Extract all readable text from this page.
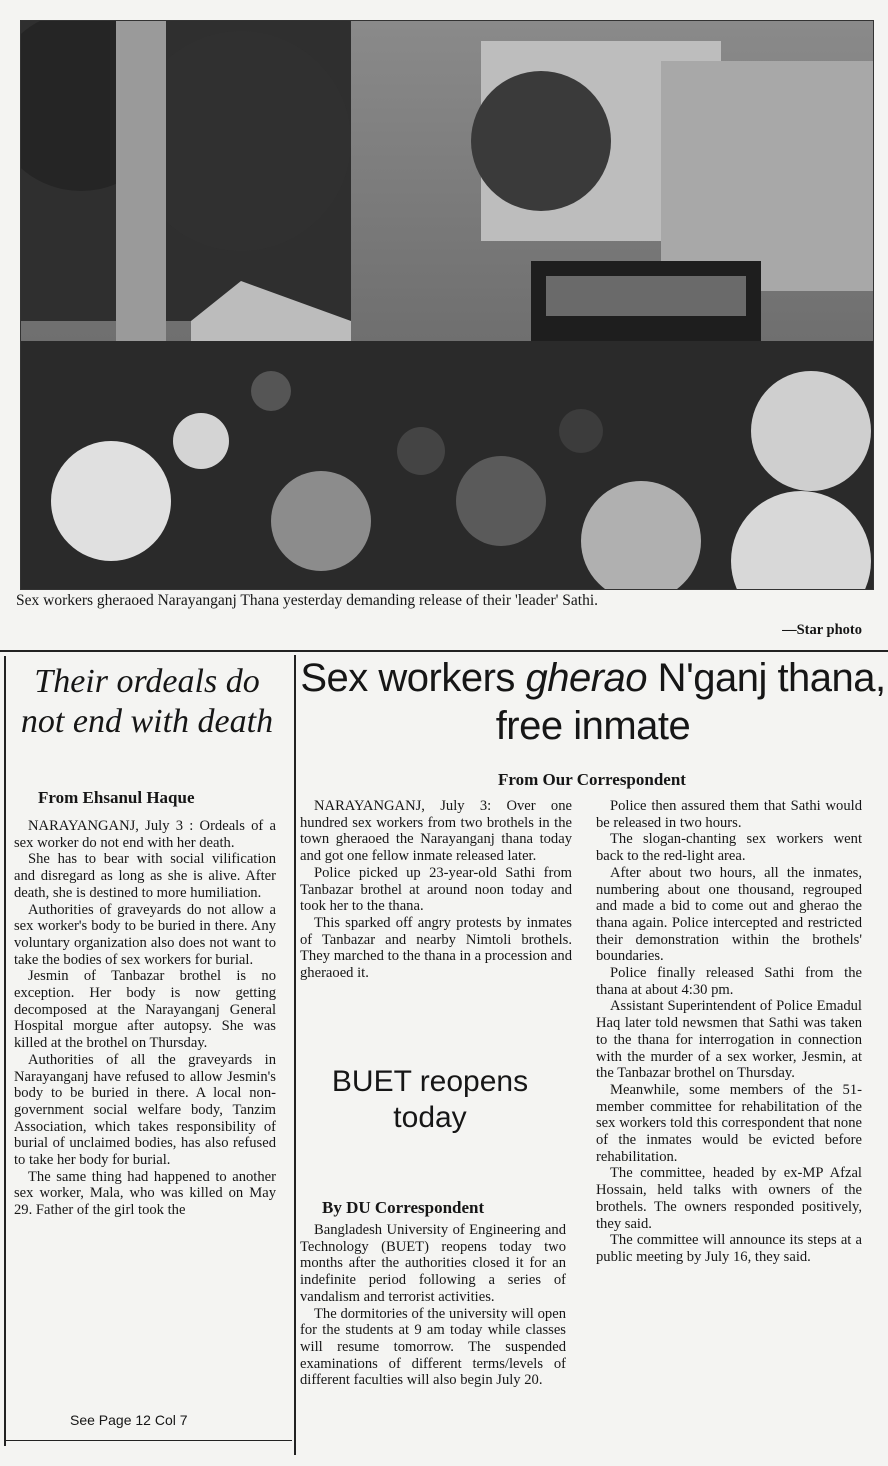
Sex workers gheraoed Narayanganj Thana yesterday demanding release of their 'leader' Sathi.
—Star photo
Their ordeals do not end with death
From Ehsanul Haque

NARAYANGANJ, July 3 : Ordeals of a sex worker do not end with her death.

She has to bear with social vilification and disregard as long as she is alive. After death, she is destined to more humiliation.

Authorities of graveyards do not allow a sex worker's body to be buried in there. Any voluntary organization also does not want to take the bodies of sex workers for burial.

Jesmin of Tanbazar brothel is no exception. Her body is now getting decomposed at the Narayanganj General Hospital morgue after autopsy. She was killed at the brothel on Thursday.

Authorities of all the graveyards in Narayanganj have refused to allow Jesmin's body to be buried in there. A local non-government social welfare body, Tanzim Association, which takes responsibility of burial of unclaimed bodies, has also refused to take her body for burial.

The same thing had happened to another sex worker, Mala, who was killed on May 29. Father of the girl took the

See Page 12 Col 7
Sex workers gherao N'ganj thana, free inmate
From Our Correspondent

NARAYANGANJ, July 3: Over one hundred sex workers from two brothels in the town gheraoed the Narayanganj thana today and got one fellow inmate released later.

Police picked up 23-year-old Sathi from Tanbazar brothel at around noon today and took her to the thana.

This sparked off angry protests by inmates of Tanbazar and nearby Nimtoli brothels. They marched to the thana in a procession and gheraoed it.

Police then assured them that Sathi would be released in two hours.

The slogan-chanting sex workers went back to the red-light area.

After about two hours, all the inmates, numbering about one thousand, regrouped and made a bid to come out and gherao the thana again. Police intercepted and restricted their demonstration within the brothels' boundaries.

Police finally released Sathi from the thana at about 4:30 pm.

Assistant Superintendent of Police Emadul Haq later told newsmen that Sathi was taken to the thana for interrogation in connection with the murder of a sex worker, Jesmin, at the Tanbazar brothel on Thursday.

Meanwhile, some members of the 51-member committee for rehabilitation of the sex workers told this correspondent that none of the inmates would be evicted before rehabilitation.

The committee, headed by ex-MP Afzal Hossain, held talks with owners of the brothels. The owners responded positively, they said.

The committee will announce its steps at a public meeting by July 16, they said.

BUET reopens today
By DU Correspondent

Bangladesh University of Engineering and Technology (BUET) reopens today two months after the authorities closed it for an indefinite period following a series of vandalism and terrorist activities.

The dormitories of the university will open for the students at 9 am today while classes will resume tomorrow. The suspended examinations of different terms/levels of different faculties will also begin July 20.
